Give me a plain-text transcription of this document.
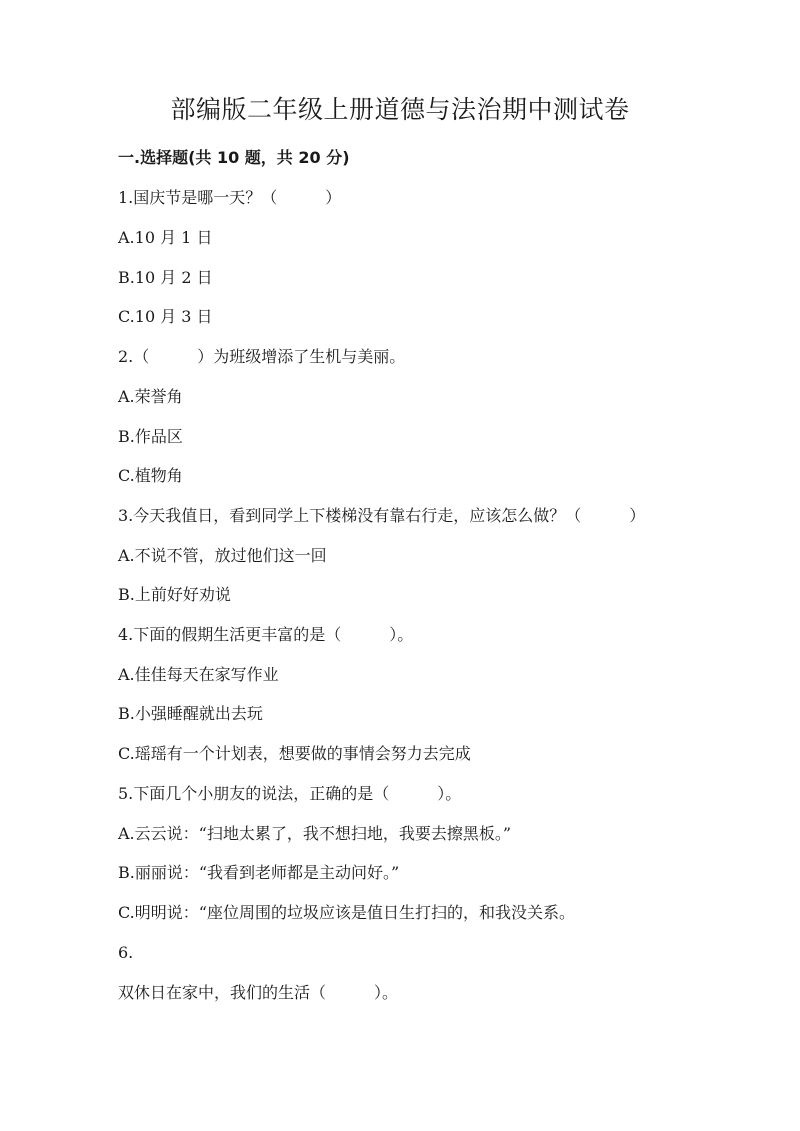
部编版二年级上册道德与法治期中测试卷
一.选择题(共 10 题，共 20 分)
1.国庆节是哪一天？（　　　）
A.10 月 1 日
B.10 月 2 日
C.10 月 3 日
2.（　　　）为班级增添了生机与美丽。
A.荣誉角
B.作品区
C.植物角
3.今天我值日，看到同学上下楼梯没有靠右行走，应该怎么做？（　　　）
A.不说不管，放过他们这一回
B.上前好好劝说
4.下面的假期生活更丰富的是（　　　）。
A.佳佳每天在家写作业
B.小强睡醒就出去玩
C.瑶瑶有一个计划表，想要做的事情会努力去完成
5.下面几个小朋友的说法，正确的是（　　　）。
A.云云说：“扫地太累了，我不想扫地，我要去擦黑板。”
B.丽丽说：“我看到老师都是主动问好。”
C.明明说：“座位周围的垃圾应该是值日生打扫的，和我没关系。
6.
双休日在家中，我们的生活（　　　）。
